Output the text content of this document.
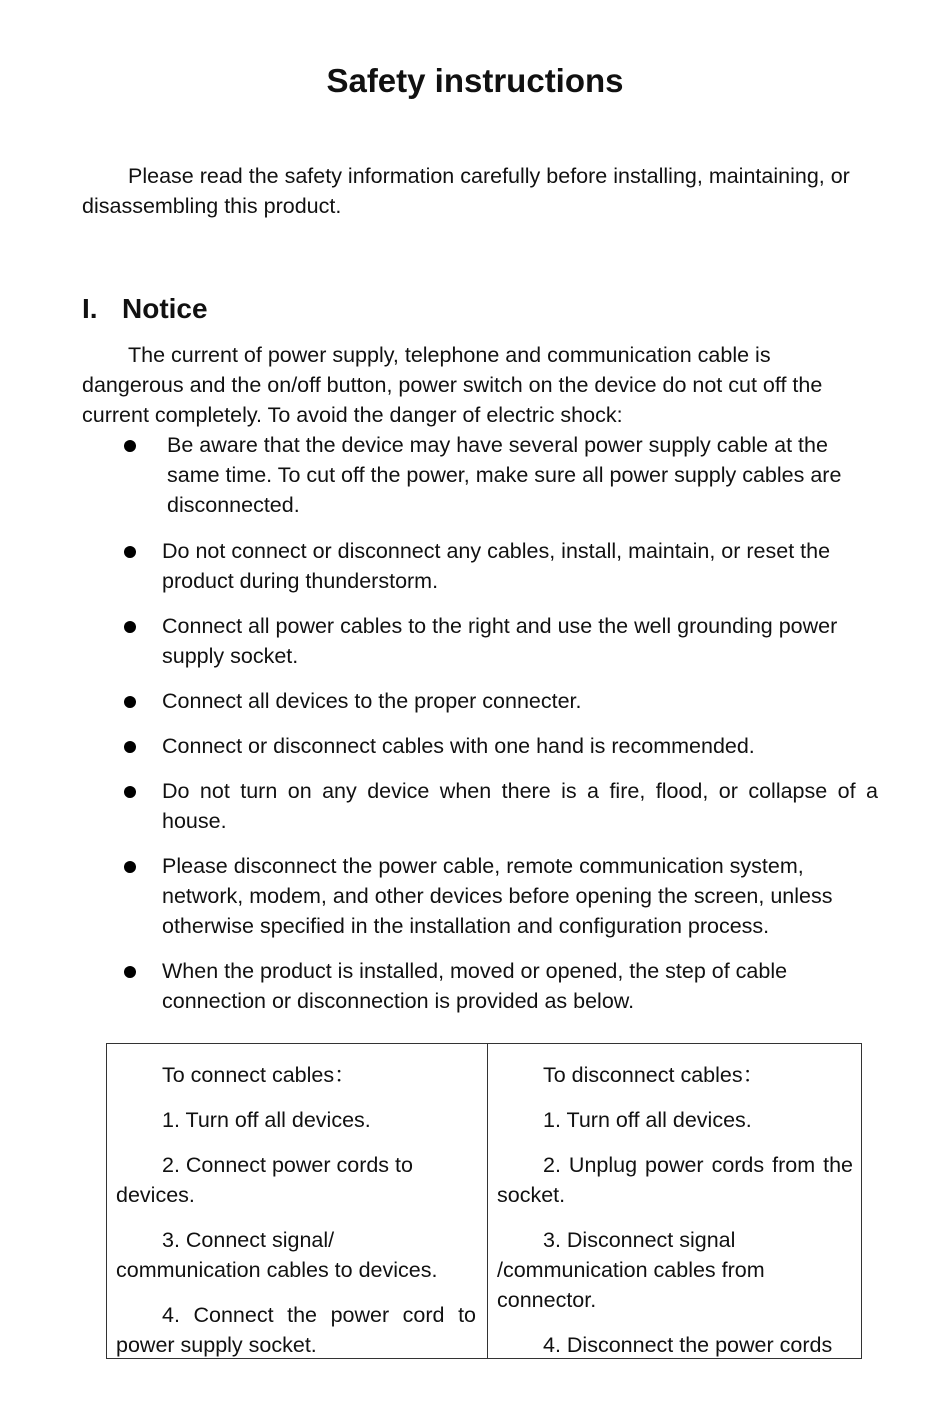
Safety instructions

Please read the safety information carefully before installing, maintaining, or disassembling this product.

I. Notice

The current of power supply, telephone and communication cable is dangerous and the on/off button, power switch on the device do not cut off the current completely. To avoid the danger of electric shock:

Be aware that the device may have several power supply cable at the same time. To cut off the power, make sure all power supply cables are disconnected.
Do not connect or disconnect any cables, install, maintain, or reset the product during thunderstorm.
Connect all power cables to the right and use the well grounding power supply socket.
Connect all devices to the proper connecter.
Connect or disconnect cables with one hand is recommended.
Do not turn on any device when there is a fire, flood, or collapse of a house.
Please disconnect the power cable, remote communication system, network, modem, and other devices before opening the screen, unless otherwise specified in the installation and configuration process.
When the product is installed, moved or opened, the step of cable connection or disconnection is provided as below.

To connect cables：

1. Turn off all devices.

2. Connect power cords to devices.

3. Connect signal/ communication cables to devices.

4. Connect the power cord to power supply socket.

To disconnect cables：

1. Turn off all devices.

2. Unplug power cords from the socket.

3. Disconnect signal /communication cables from connector.

4. Disconnect the power cords
